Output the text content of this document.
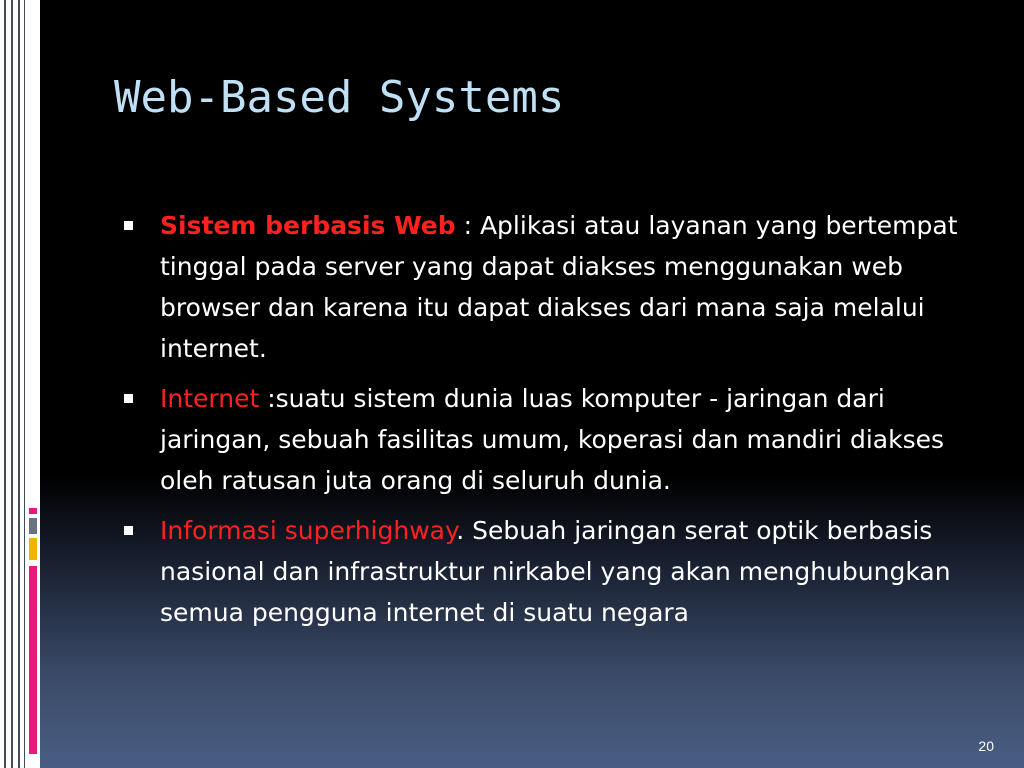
Web-Based Systems
Sistem berbasis Web : Aplikasi atau layanan yang bertempat tinggal pada server yang dapat diakses menggunakan web browser dan karena itu dapat diakses dari mana saja melalui internet.
Internet :suatu sistem dunia luas komputer - jaringan dari jaringan, sebuah fasilitas umum, koperasi dan mandiri diakses oleh ratusan juta orang di seluruh dunia.
Informasi superhighway. Sebuah jaringan serat optik berbasis nasional dan infrastruktur nirkabel yang akan menghubungkan semua pengguna internet di suatu negara
20
